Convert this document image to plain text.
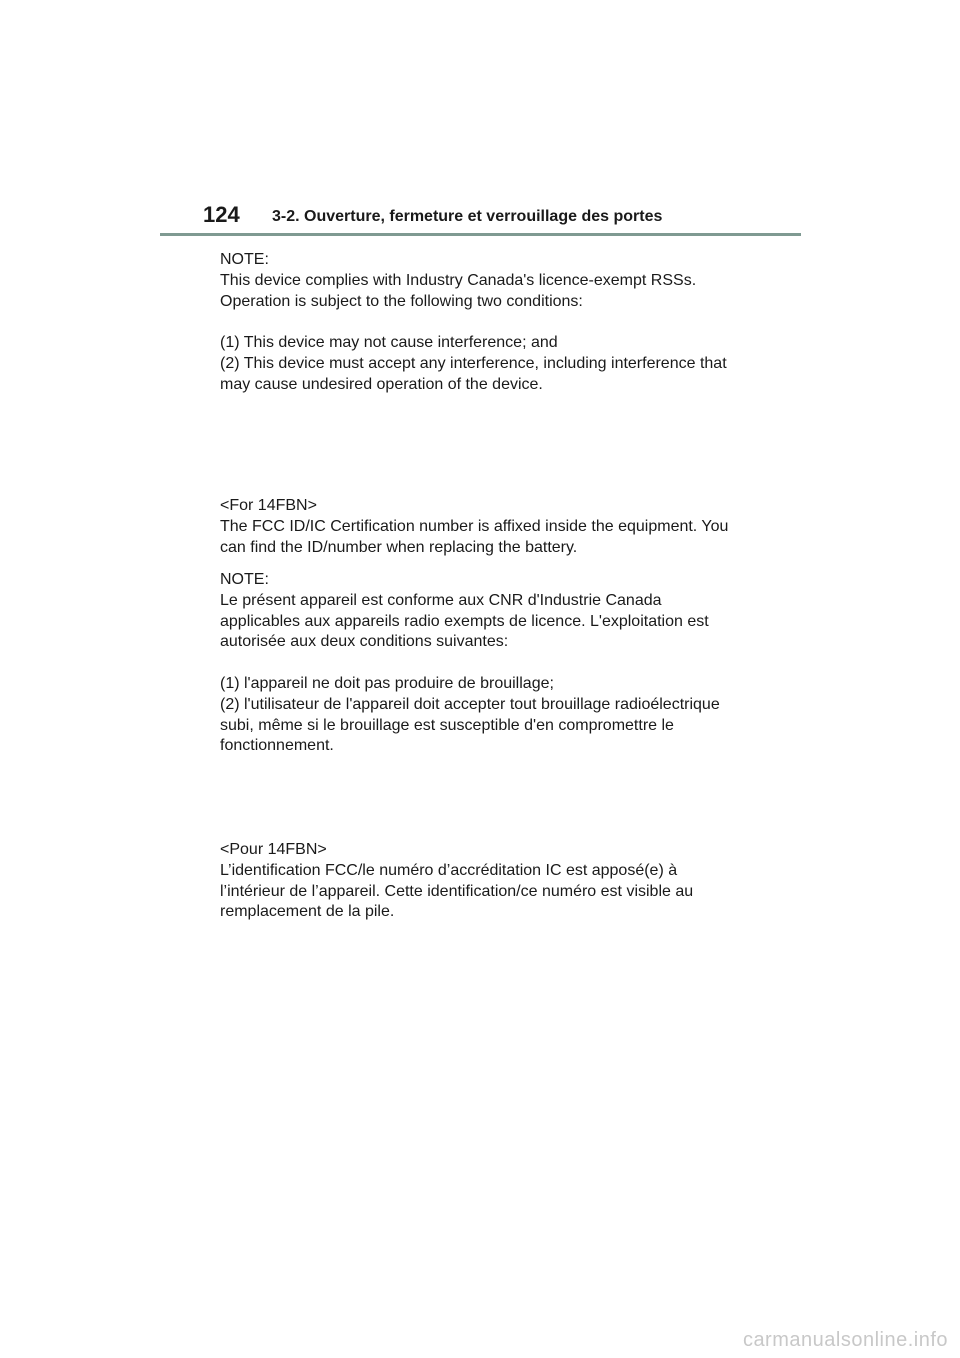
124 3-2. Ouverture, fermeture et verrouillage des portes
NOTE:
This device complies with Industry Canada's licence-exempt RSSs.
Operation is subject to the following two conditions:
(1) This device may not cause interference; and
(2) This device must accept any interference, including interference that
may cause undesired operation of the device.
<For 14FBN>
The FCC ID/IC Certification number is affixed inside the equipment. You
can find the ID/number when replacing the battery.
NOTE:
Le présent appareil est conforme aux CNR d'Industrie Canada
applicables aux appareils radio exempts de licence. L'exploitation est
autorisée aux deux conditions suivantes:
(1) l'appareil ne doit pas produire de brouillage;
(2) l'utilisateur de l'appareil doit accepter tout brouillage radioélectrique
subi, même si le brouillage est susceptible d'en compromettre le
fonctionnement.
<Pour 14FBN>
L’identification FCC/le numéro d’accréditation IC est apposé(e) à
l’intérieur de l’appareil. Cette identification/ce numéro est visible au
remplacement de la pile.
carmanualsonline.info
